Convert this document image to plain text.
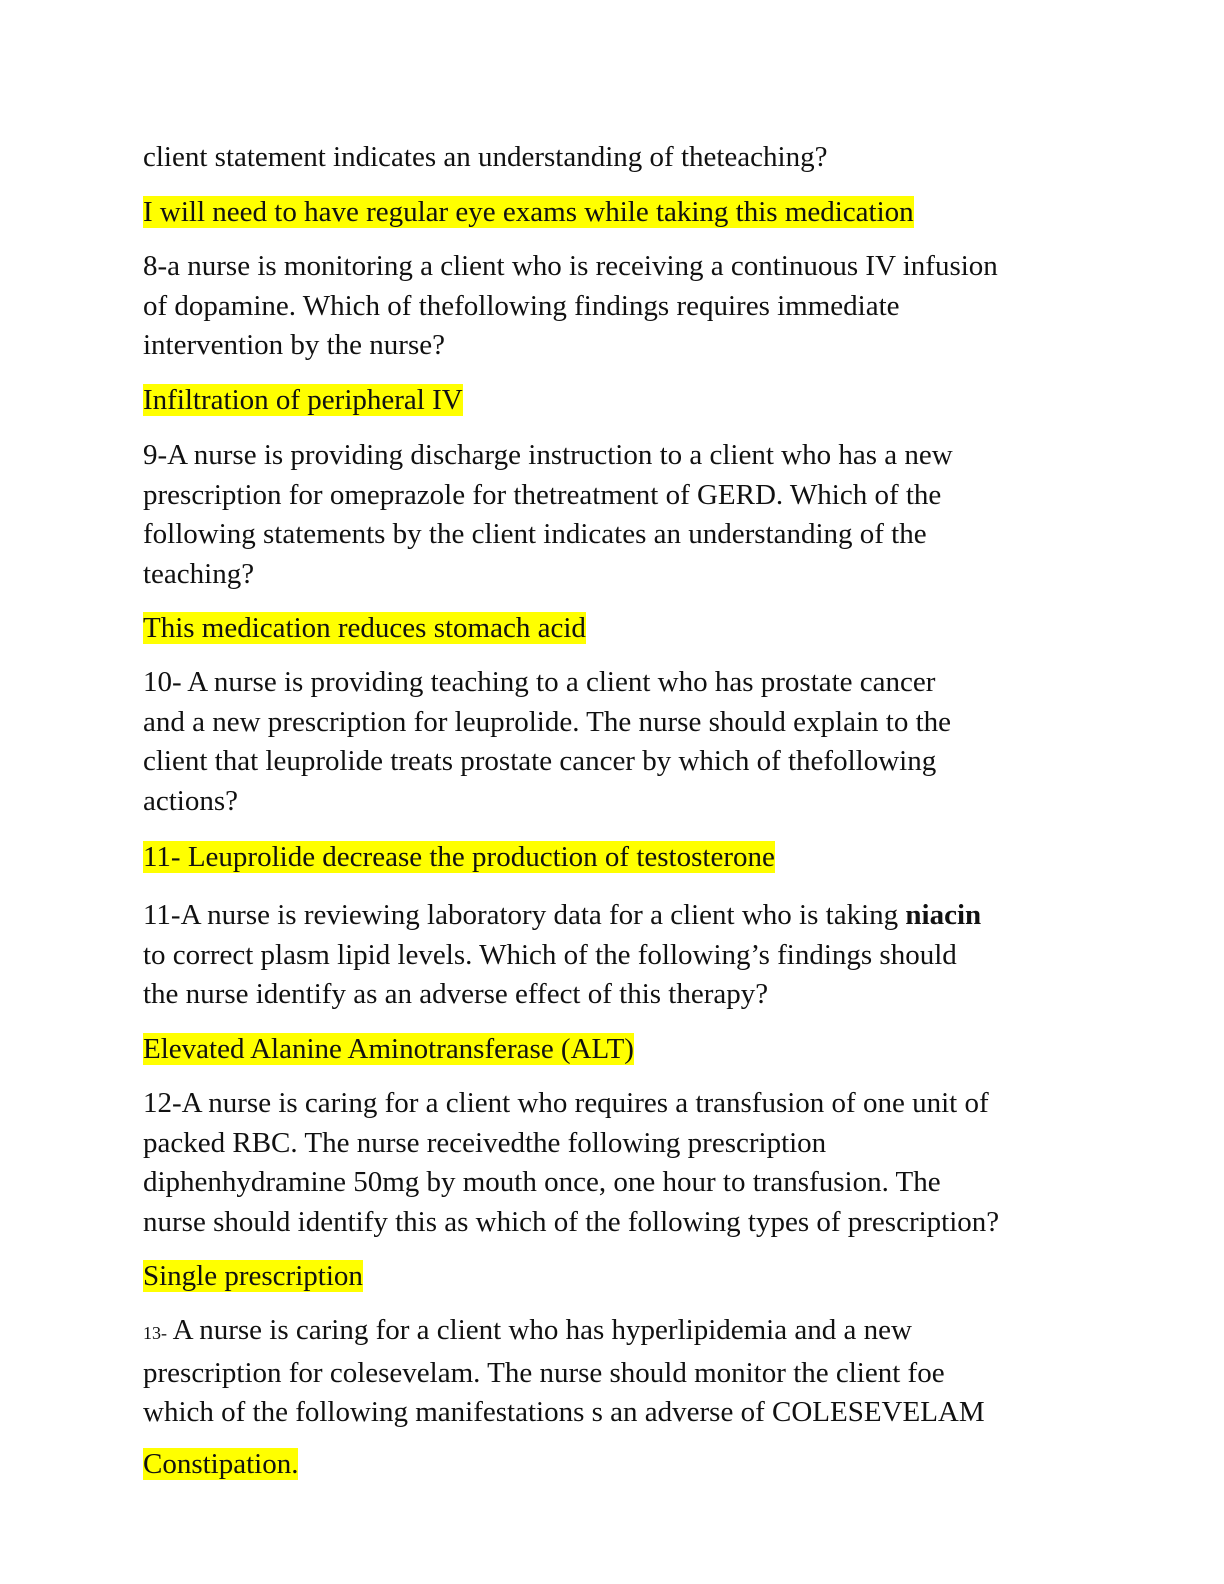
client statement indicates an understanding of theteaching?

I will need to have regular eye exams while taking this medication

8-a nurse is monitoring a client who is receiving a continuous IV infusion
of dopamine. Which of thefollowing findings requires immediate
intervention by the nurse?

Infiltration of peripheral IV

9-A nurse is providing discharge instruction to a client who has a new
prescription for omeprazole for thetreatment of GERD. Which of the
following statements by the client indicates an understanding of the
teaching?

This medication reduces stomach acid

10- A nurse is providing teaching to a client who has prostate cancer
and a new prescription for leuprolide. The nurse should explain to the
client that leuprolide treats prostate cancer by which of thefollowing
actions?

11- Leuprolide decrease the production of testosterone

11-A nurse is reviewing laboratory data for a client who is taking niacin
to correct plasm lipid levels. Which of the following’s findings should
the nurse identify as an adverse effect of this therapy?

Elevated Alanine Aminotransferase (ALT)

12-A nurse is caring for a client who requires a transfusion of one unit of
packed RBC. The nurse receivedthe following prescription
diphenhydramine 50mg by mouth once, one hour to transfusion. The
nurse should identify this as which of the following types of prescription?

Single prescription

13- A nurse is caring for a client who has hyperlipidemia and a new
prescription for colesevelam. The nurse should monitor the client foe
which of the following manifestations s an adverse of COLESEVELAM

Constipation.
